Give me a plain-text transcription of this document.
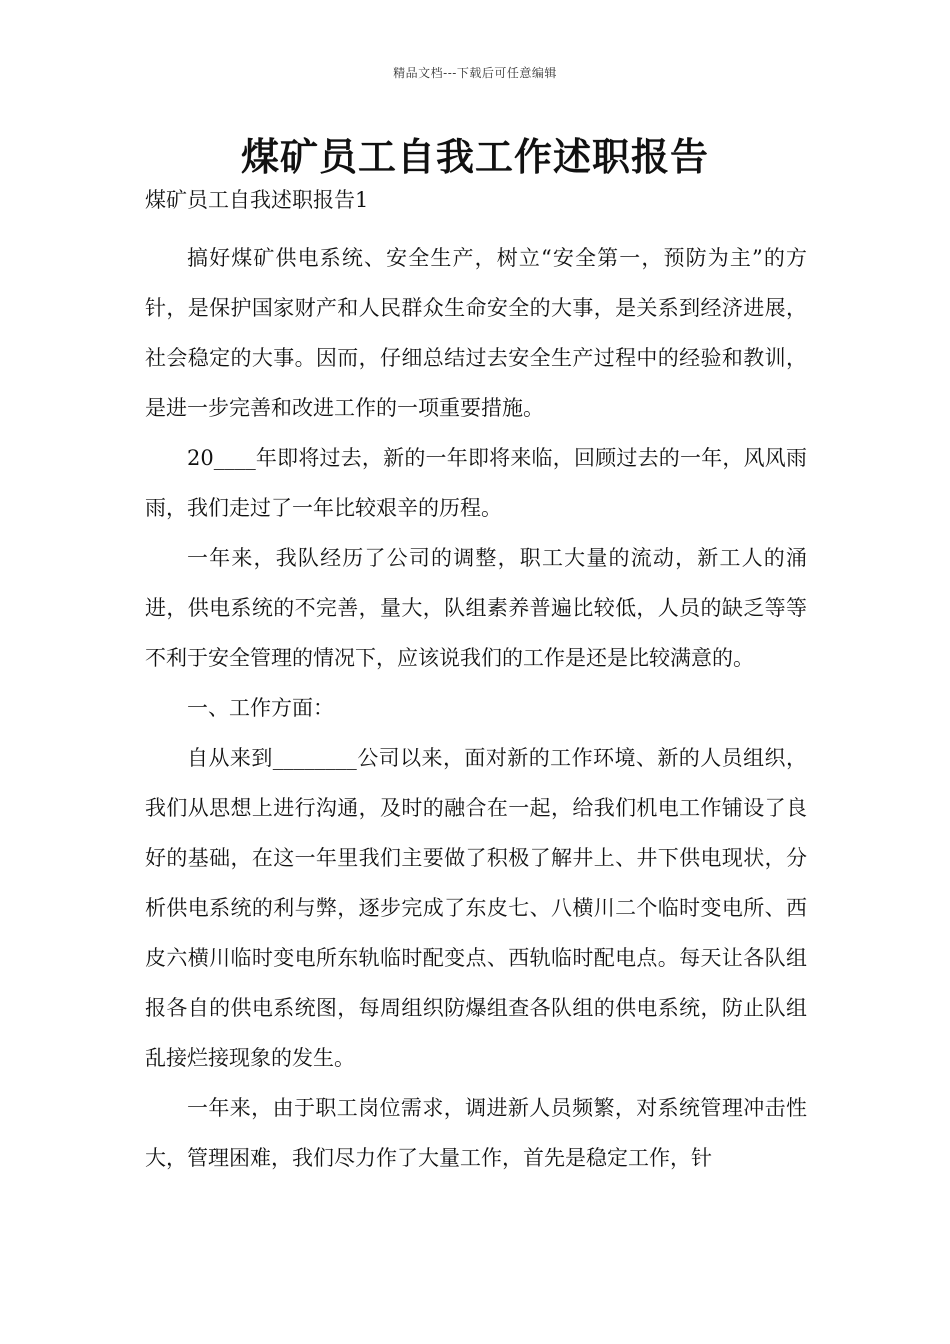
精品文档---下载后可任意编辑
煤矿员工自我工作述职报告

煤矿员工自我述职报告1

搞好煤矿供电系统、安全生产，树立“安全第一，预防为主”的方针，是保护国家财产和人民群众生命安全的大事，是关系到经济进展，社会稳定的大事。因而，仔细总结过去安全生产过程中的经验和教训，是进一步完善和改进工作的一项重要措施。

20____年即将过去，新的一年即将来临，回顾过去的一年，风风雨雨，我们走过了一年比较艰辛的历程。

一年来，我队经历了公司的调整，职工大量的流动，新工人的涌进，供电系统的不完善，量大，队组素养普遍比较低，人员的缺乏等等不利于安全管理的情况下，应该说我们的工作是还是比较满意的。

一、工作方面：

自从来到________公司以来，面对新的工作环境、新的人员组织，我们从思想上进行沟通，及时的融合在一起，给我们机电工作铺设了良好的基础，在这一年里我们主要做了积极了解井上、井下供电现状，分析供电系统的利与弊，逐步完成了东皮七、八横川二个临时变电所、西皮六横川临时变电所东轨临时配变点、西轨临时配电点。每天让各队组报各自的供电系统图，每周组织防爆组查各队组的供电系统，防止队组乱接烂接现象的发生。

一年来，由于职工岗位需求，调进新人员频繁，对系统管理冲击性大，管理困难，我们尽力作了大量工作，首先是稳定工作，针
